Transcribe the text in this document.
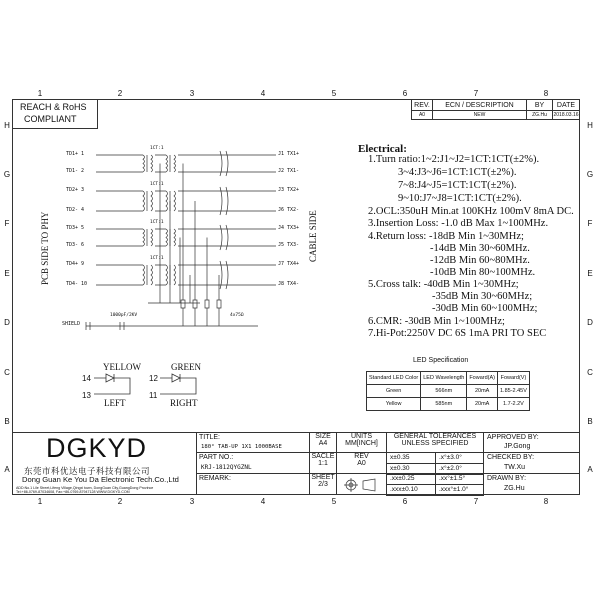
1
1
2
2
3
3
4
4
5
5
6
6
7
7
8
8
H	H
G	G
F	F
E	E
D	D
C	C
B	B
A	A
REACH & RoHS
COMPLIANT
REV.	ECN / DESCRIPTION	BY	DATE
A0	NEW	ZG.Hu	2018.03.16
TD1+ 1
TD1- 2
TD2+ 3
TD2- 4
TD3+ 5
TD3- 6
TD4+ 9
TD4- 10
J1 TX1+
J2 TX1-
J3 TX2+
J6 TX2-
J4 TX3+
J5 TX3-
J7 TX4+
J8 TX4-
1CT:1
1CT:1
1CT:1
1CT:1
PCB SIDE TO PHY	CABLE SIDE
SHIELD
1000pF/2KV	4x75Ω
YELLOW
14
13
LEFT
GREEN
12
11
RIGHT
Electrical:
1.Turn ratio:1~2:J1~J2=1CT:1CT(±2%).
3~4:J3~J6=1CT:1CT(±2%).
7~8:J4~J5=1CT:1CT(±2%).
9~10:J7~J8=1CT:1CT(±2%).
2.OCL:350uH Min.at 100KHz 100mV 8mA DC.
3.Insertion Loss: -1.0 dB Max 1~100MHz.
4.Return loss: -18dB Min 1~30MHz;
-14dB Min 30~60MHz.
-12dB Min 60~80MHz.
-10dB Min 80~100MHz.
5.Cross talk: -40dB Min 1~30MHz;
-35dB Min 30~60MHz;
-30dB Min 60~100MHz;
6.CMR: -30dB Min 1~100MHz;
7.Hi-Pot:2250V DC 6S 1mA PRI TO SEC
LED Specification
Standard LED Color	LED Wavelength	Foward(A)	Foward(V)
Green	566nm	20mA	1.85-2.45V
Yellow	585nm	20mA	1.7-2.2V
DGKYD
东莞市科优达电子科技有限公司
Dong Guan Ke You Da Electronic Tech.Co.,Ltd
ADD:No.1 Lile Street,Lifeng Village,Qingxi town, DongGuan City,GuangDong Province
Tel:+86-0769-87034608, Fax:+86-0769-87947128 WWW.DGKYD.COM
TITLE:
180° TAB-UP 1X1 1000BASE
SIZE
A4
UNITS
MM[INCH]
GENERAL TOLERANCES
UNLESS SPECIFIED
APPROVED BY:
JP.Gong
PART NO.:
KRJ-1812QYGZNL
SACLE
1:1
REV
A0
CHECKED BY:
TW.Xu
REMARK:	SHEET
2/3
DRAWN BY:
ZG.Hu
x±0.35	.x°±3.0°
x±0.30	.x°±2.0°
.xx±0.25	.xx°±1.5°
.xxx±0.10	.xxx°±1.0°
